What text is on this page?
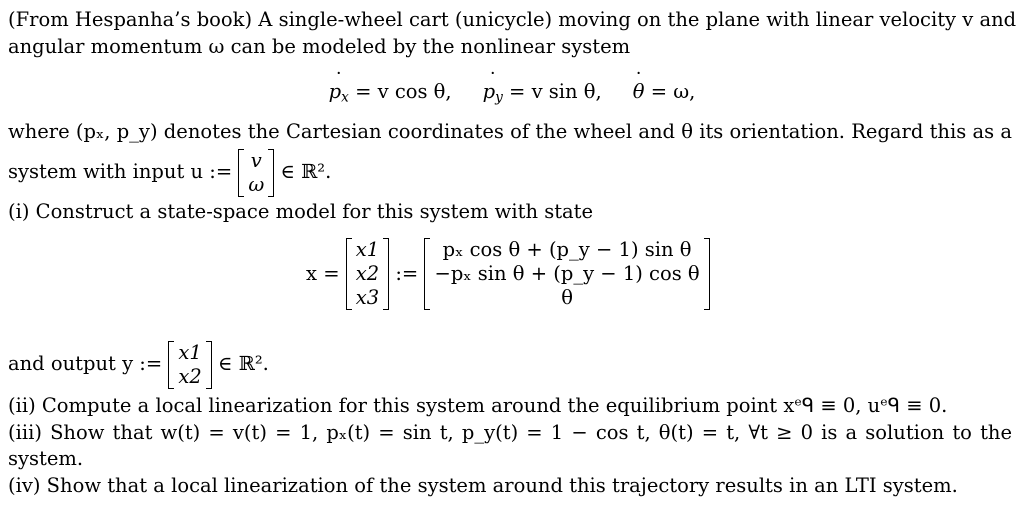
(From Hespanha’s book) A single-wheel cart (unicycle) moving on the plane with linear velocity v and
angular momentum ω can be modeled by the nonlinear system
$p_x$ ˙ = v cos θ, $p_y$ ˙ = v sin θ, θ ˙ = ω,
where (pₓ, p_y) denotes the Cartesian coordinates of the wheel and θ its orientation. Regard this as a
system with input u := v
ω
∈ ℝ².
(i) Construct a state-space model for this system with state
x =

x1
x2
x3

:=

pₓ cos θ + (p_y − 1) sin θ
−pₓ sin θ + (p_y − 1) cos θ
θ
and output y := x1
x2
∈ ℝ².
(ii) Compute a local linearization for this system around the equilibrium point xᵉᑫ ≡ 0, uᵉᑫ ≡ 0.
(iii) Show that w(t) = v(t) = 1, pₓ(t) = sin t, p_y(t) = 1 − cos t, θ(t) = t, ∀t ≥ 0 is a solution to the
system.
(iv) Show that a local linearization of the system around this trajectory results in an LTI system.
